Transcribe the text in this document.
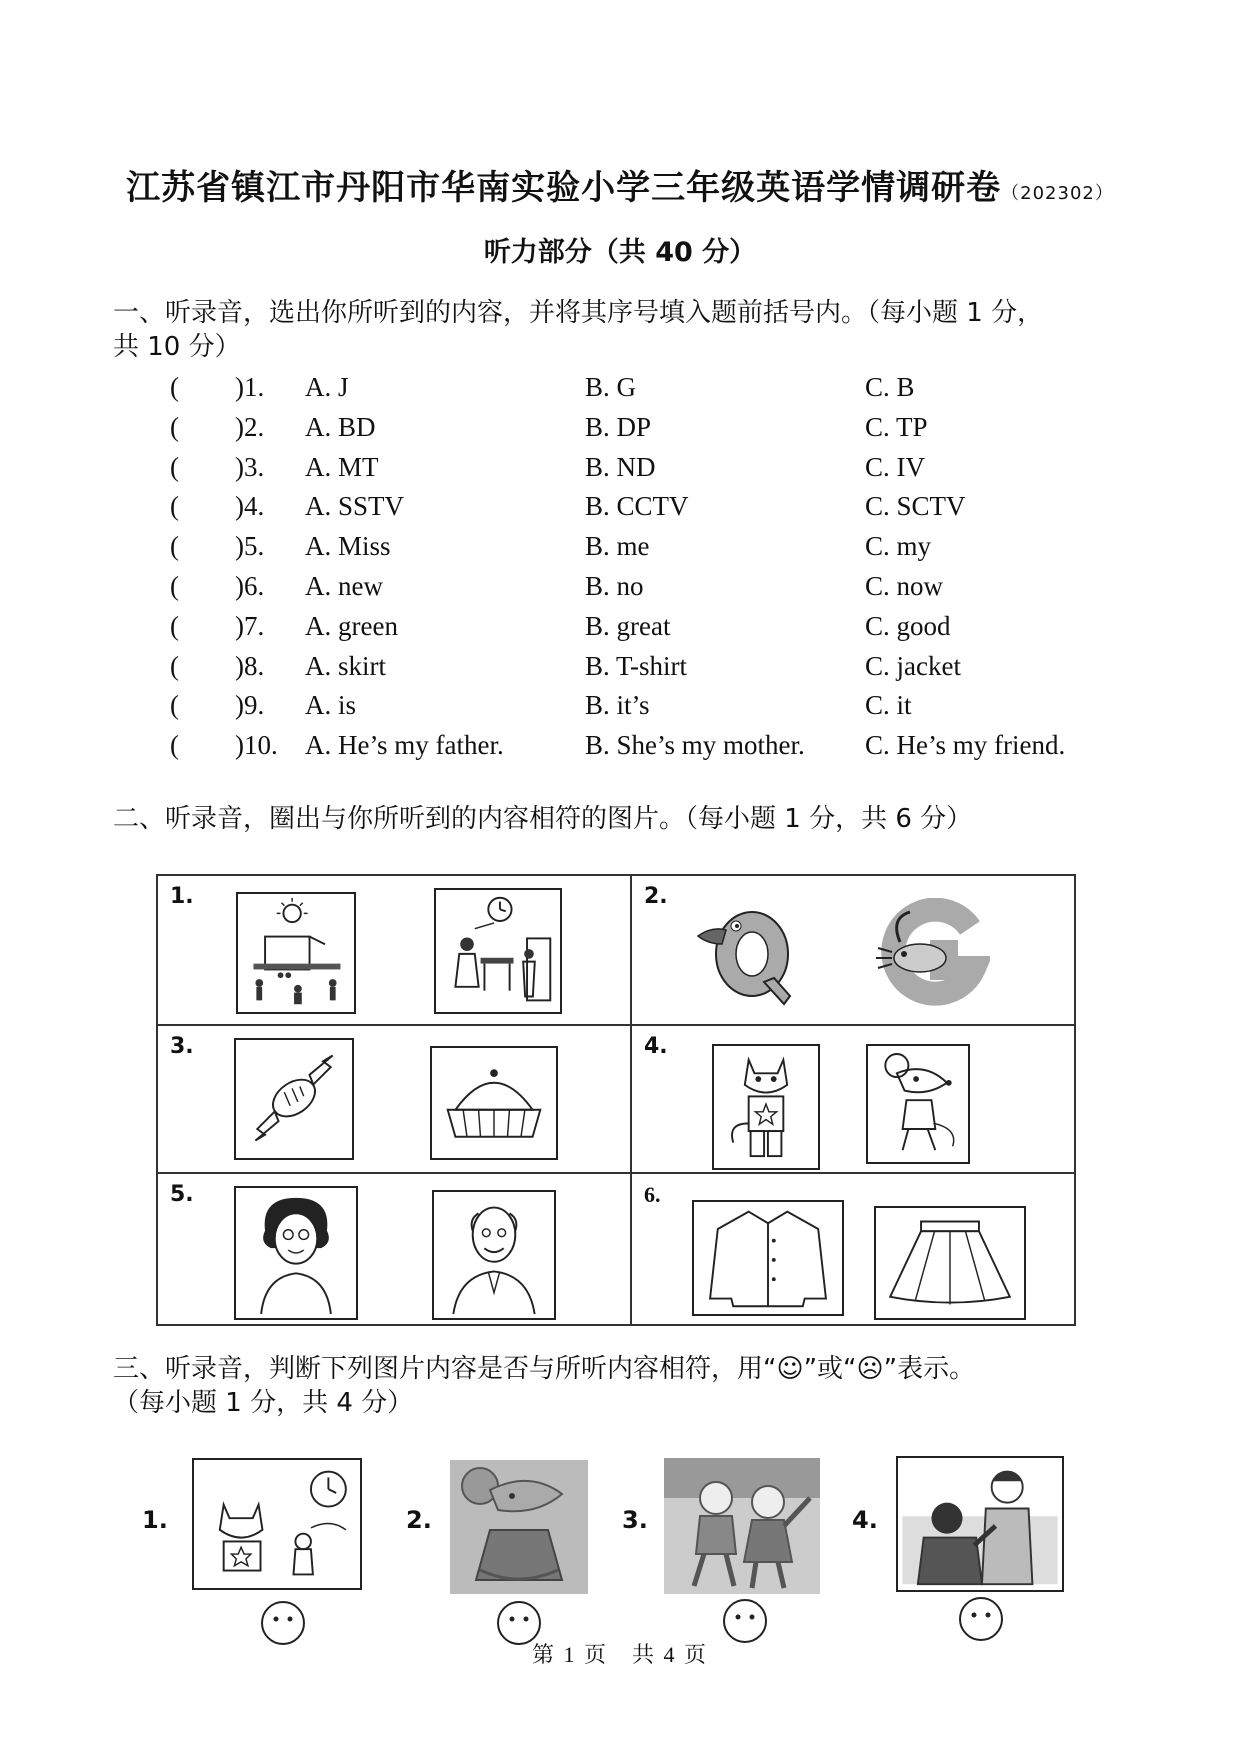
江苏省镇江市丹阳市华南实验小学三年级英语学情调研卷（202302）
听力部分（共 40 分）
一、听录音，选出你所听到的内容，并将其序号填入题前括号内。（每小题 1 分，
共 10 分）
( )1. A. J	B. G	C. B
( )2. A. BD	B. DP	C. TP
( )3. A. MT	B. ND	C. IV
( )4. A. SSTV	B. CCTV	C. SCTV
( )5. A. Miss	B. me	C. my
( )6. A. new	B. no	C. now
( )7. A. green	B. great	C. good
( )8. A. skirt	B. T-shirt	C. jacket
( )9. A. is	B. it’s	C. it
( )10. A. He’s my father.	B. She’s my mother. C. He’s my friend.
二、听录音，圈出与你所听到的内容相符的图片。（每小题 1 分，共 6 分）
1.	2.
3.	4.
5.	6.
三、听录音，判断下列图片内容是否与所听内容相符，用“☺”或“☹”表示。
（每小题 1 分，共 4 分）
1.	2.	3.	4.
第 1 页　共 4 页
